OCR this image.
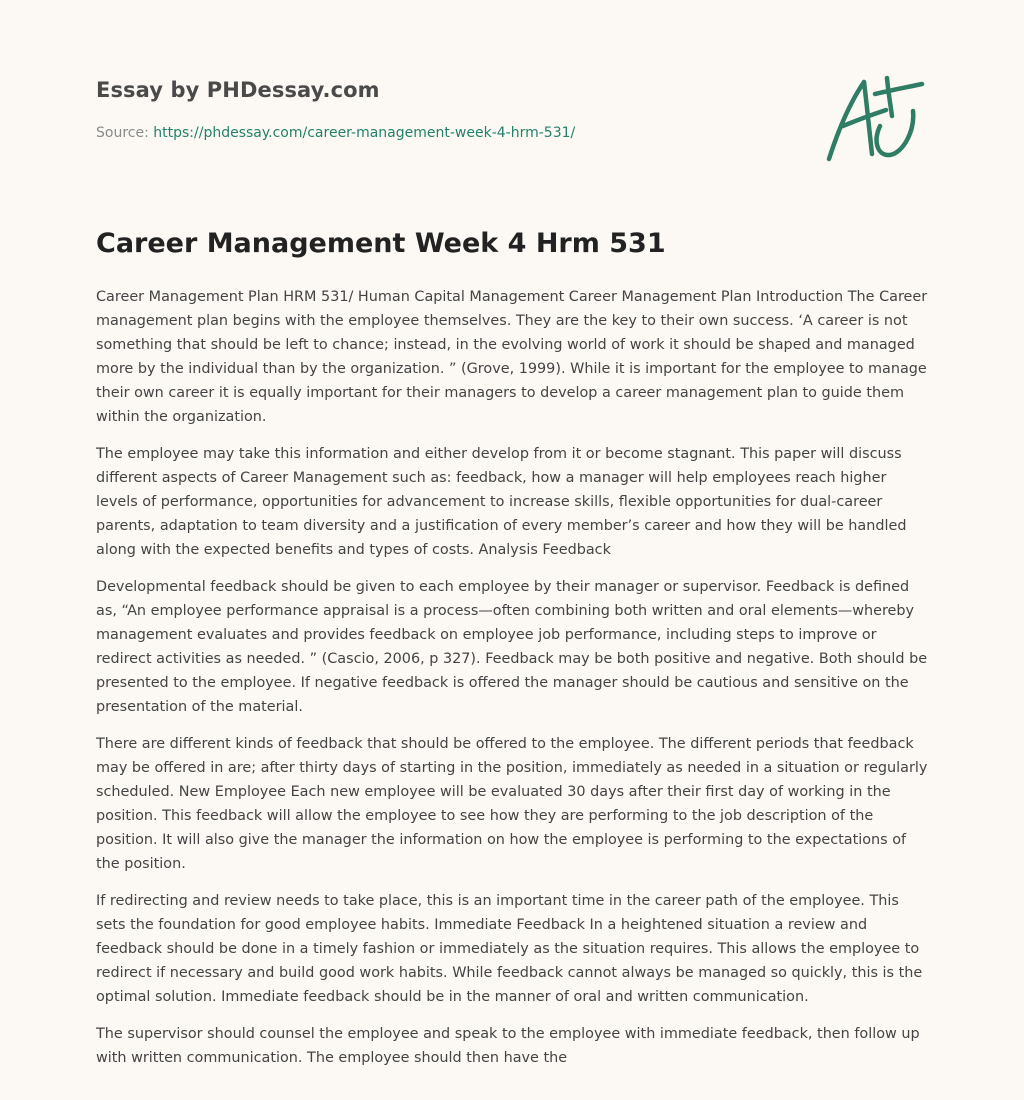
Essay by PHDessay.com
Source: https://phdessay.com/career-management-week-4-hrm-531/
Career Management Week 4 Hrm 531

Career Management Plan HRM 531/ Human Capital Management Career Management Plan Introduction The Career management plan begins with the employee themselves. They are the key to their own success. ‘A career is not something that should be left to chance; instead, in the evolving world of work it should be shaped and managed more by the individual than by the organization. ” (Grove, 1999). While it is important for the employee to manage their own career it is equally important for their managers to develop a career management plan to guide them within the organization.

The employee may take this information and either develop from it or become stagnant. This paper will discuss different aspects of Career Management such as: feedback, how a manager will help employees reach higher levels of performance, opportunities for advancement to increase skills, flexible opportunities for dual-career parents, adaptation to team diversity and a justification of every member’s career and how they will be handled along with the expected benefits and types of costs. Analysis Feedback

Developmental feedback should be given to each employee by their manager or supervisor. Feedback is defined as, “An employee performance appraisal is a process—often combining both written and oral elements—whereby management evaluates and provides feedback on employee job performance, including steps to improve or redirect activities as needed. ” (Cascio, 2006, p 327). Feedback may be both positive and negative. Both should be presented to the employee. If negative feedback is offered the manager should be cautious and sensitive on the presentation of the material.

There are different kinds of feedback that should be offered to the employee. The different periods that feedback may be offered in are; after thirty days of starting in the position, immediately as needed in a situation or regularly scheduled. New Employee Each new employee will be evaluated 30 days after their first day of working in the position. This feedback will allow the employee to see how they are performing to the job description of the position. It will also give the manager the information on how the employee is performing to the expectations of the position.

If redirecting and review needs to take place, this is an important time in the career path of the employee. This sets the foundation for good employee habits. Immediate Feedback In a heightened situation a review and feedback should be done in a timely fashion or immediately as the situation requires. This allows the employee to redirect if necessary and build good work habits. While feedback cannot always be managed so quickly, this is the optimal solution. Immediate feedback should be in the manner of oral and written communication.

The supervisor should counsel the employee and speak to the employee with immediate feedback, then follow up with written communication. The employee should then have the
